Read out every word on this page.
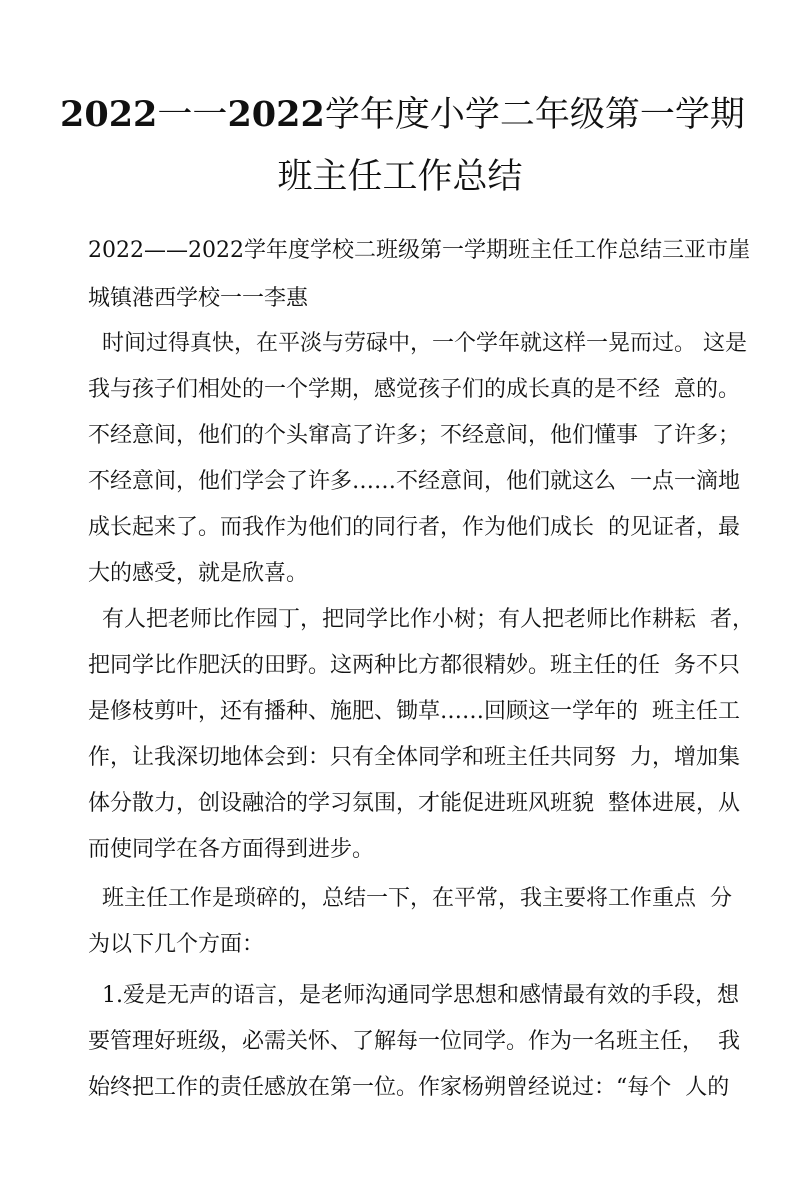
2022一一2022学年度小学二年级第一学期
班主任工作总结

2022——2022学年度学校二班级第一学期班主任工作总结三亚市崖

城镇港西学校一一李惠

时间过得真快，在平淡与劳碌中，一个学年就这样一晃而过。 这是

我与孩子们相处的一个学期，感觉孩子们的成长真的是不经  意的。

不经意间，他们的个头窜高了许多；不经意间，他们懂事  了许多；

不经意间，他们学会了许多……不经意间，他们就这么  一点一滴地

成长起来了。而我作为他们的同行者，作为他们成长  的见证者，最

大的感受，就是欣喜。

有人把老师比作园丁，把同学比作小树；有人把老师比作耕耘  者，

把同学比作肥沃的田野。这两种比方都很精妙。班主任的任  务不只

是修枝剪叶，还有播种、施肥、锄草……回顾这一学年的  班主任工

作，让我深切地体会到：只有全体同学和班主任共同努  力，增加集

体分散力，创设融洽的学习氛围，才能促进班风班貌  整体进展，从

而使同学在各方面得到进步。

班主任工作是琐碎的，总结一下，在平常，我主要将工作重点  分

为以下几个方面：

1.爱是无声的语言，是老师沟通同学思想和感情最有效的手段，想

要管理好班级，必需关怀、了解每一位同学。作为一名班主任，  我

始终把工作的责任感放在第一位。作家杨朔曾经说过：“每个  人的
